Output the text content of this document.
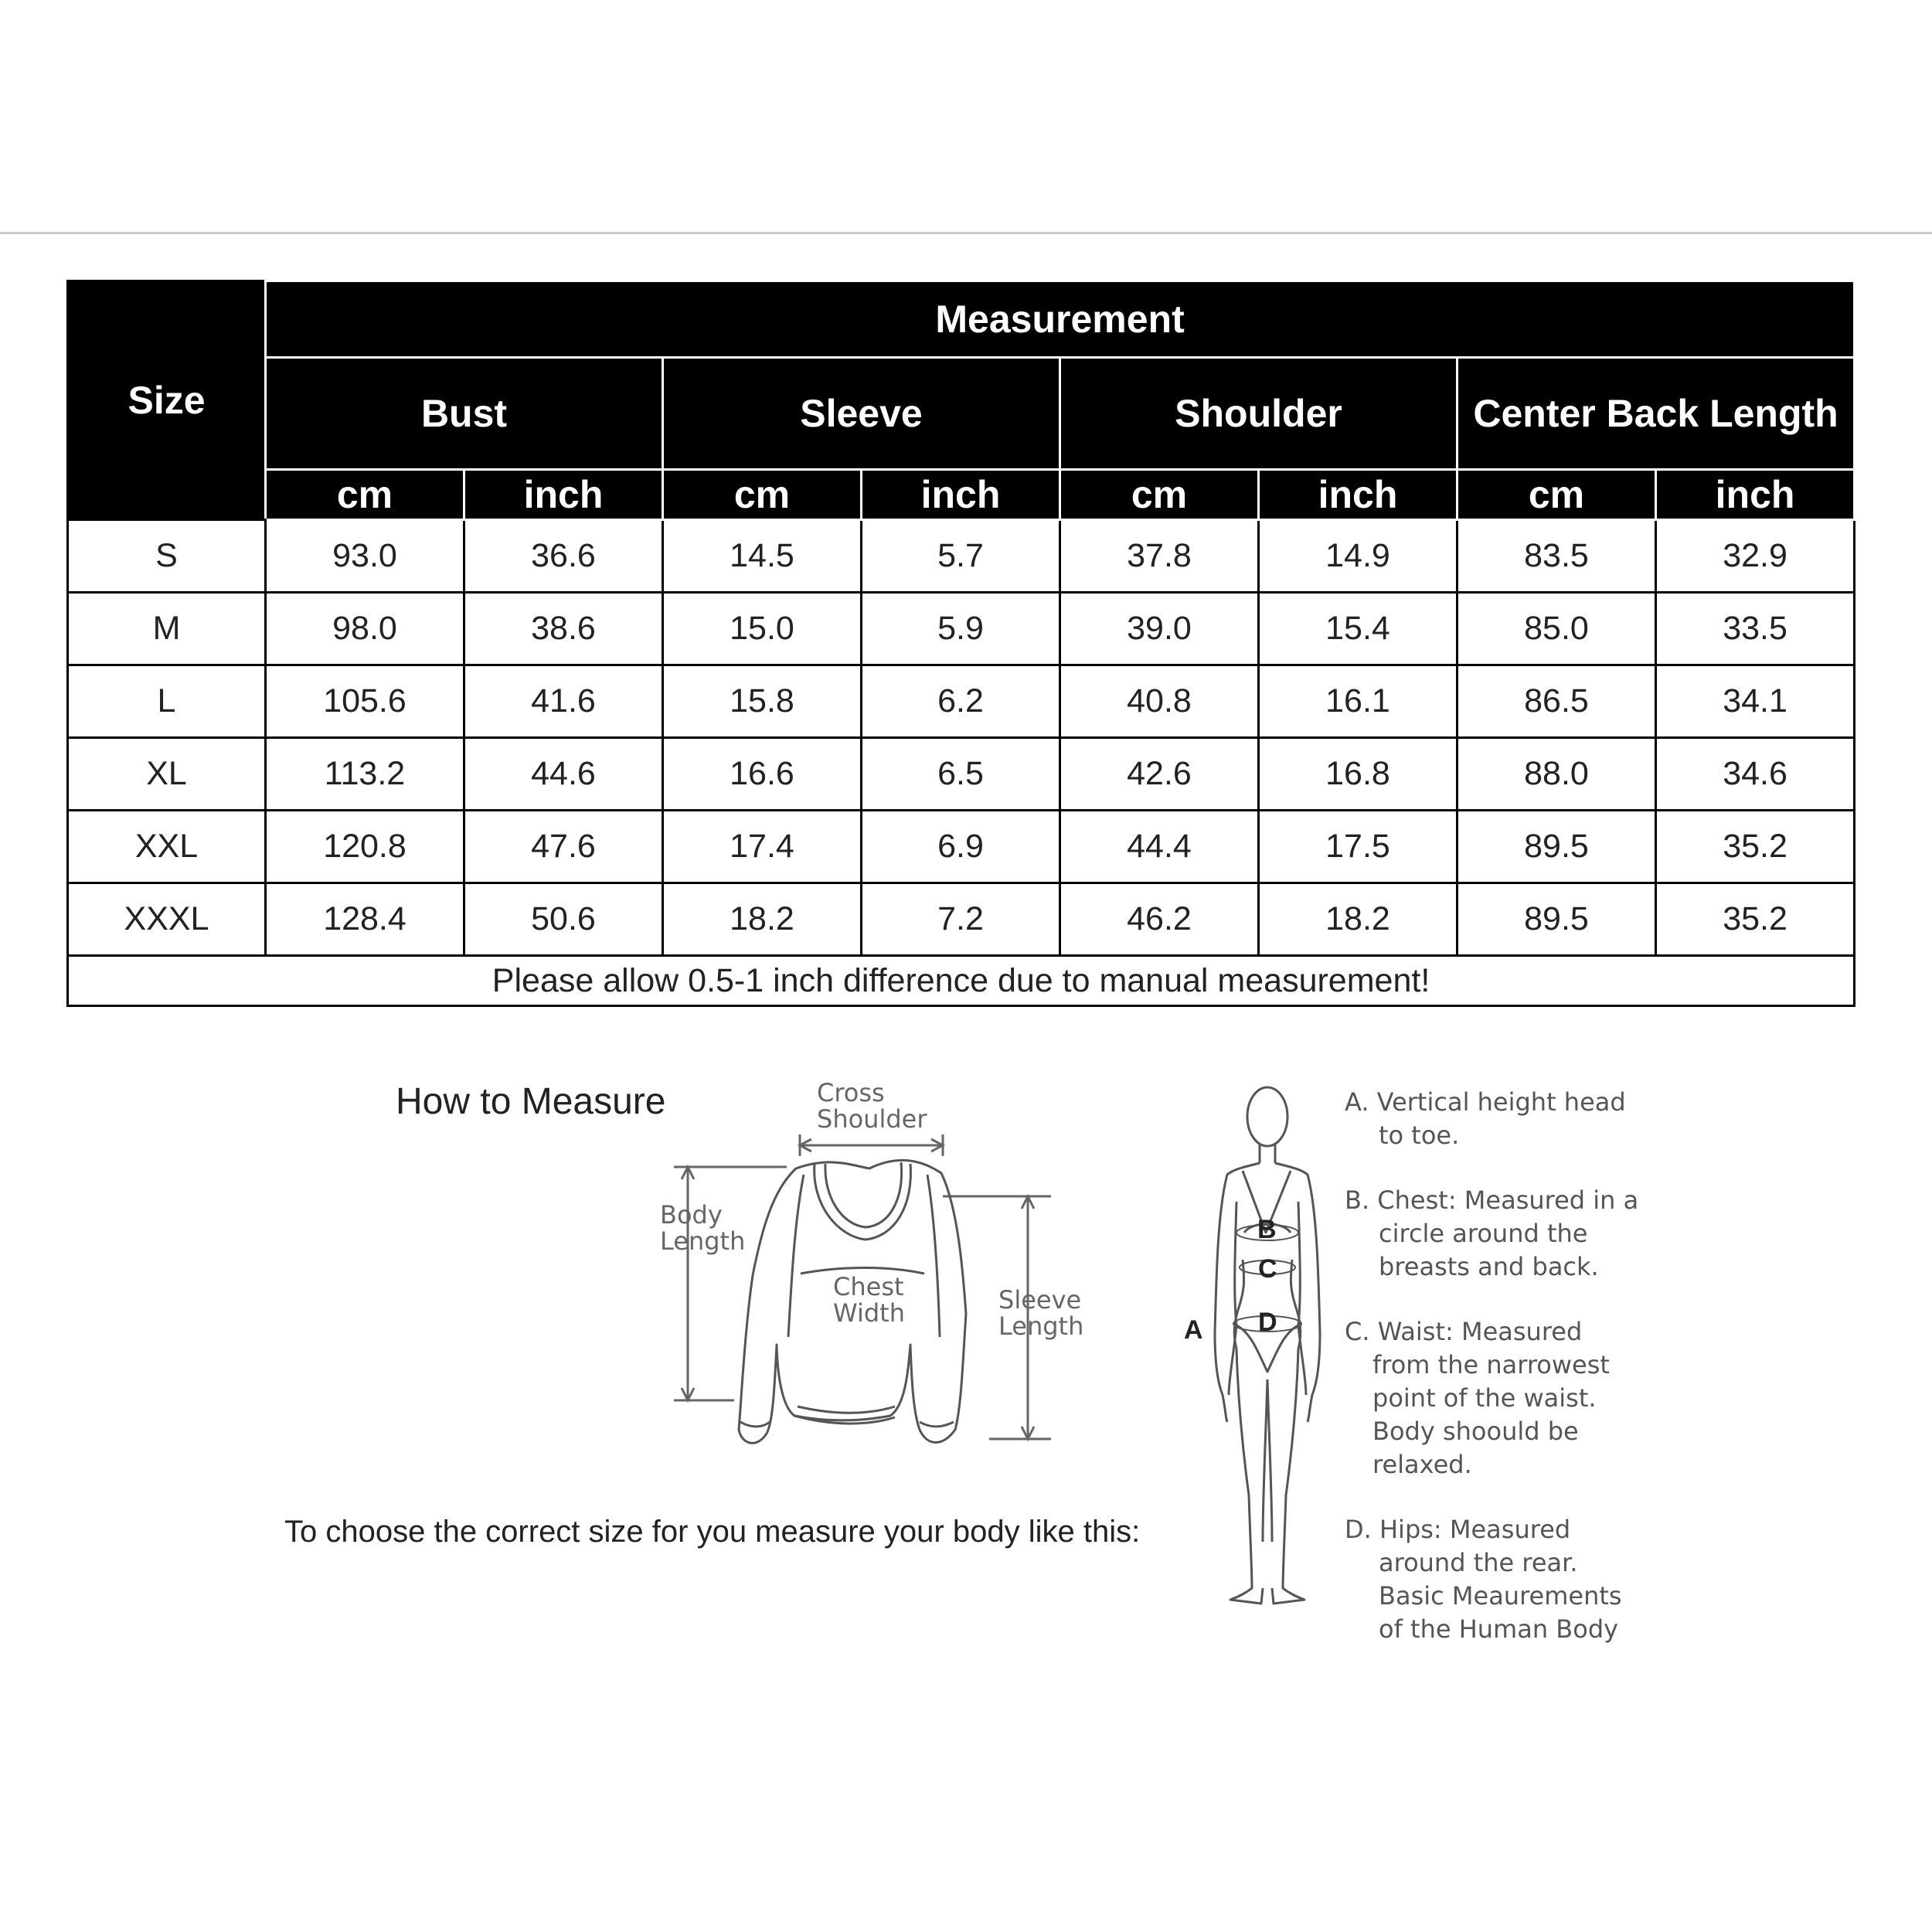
Size	Measurement							
	Bust		Sleeve		Shoulder		Center Back Length	
	cm	inch	cm	inch	cm	inch	cm	inch
S	93.0	36.6	14.5	5.7	37.8	14.9	83.5	32.9
M	98.0	38.6	15.0	5.9	39.0	15.4	85.0	33.5
L	105.6	41.6	15.8	6.2	40.8	16.1	86.5	34.1
XL	113.2	44.6	16.6	6.5	42.6	16.8	88.0	34.6
XXL	120.8	47.6	17.4	6.9	44.4	17.5	89.5	35.2
XXXL	128.4	50.6	18.2	7.2	46.2	18.2	89.5	35.2
Please allow 0.5-1 inch difference due to manual measurement!								
How to Measure
To choose the correct size for you measure your body like this:
Cross
Shoulder
Body
Length
Chest
Width	Sleeve
Length
B
C
D
A

A. Vertical height head
to toe.

B. Chest: Measured in a
circle around the
breasts and back.

C. Waist: Measured
from the narrowest
point of the waist.
Body shoould be
relaxed.

D. Hips: Measured
around the rear.
Basic Meaurements
of the Human Body
